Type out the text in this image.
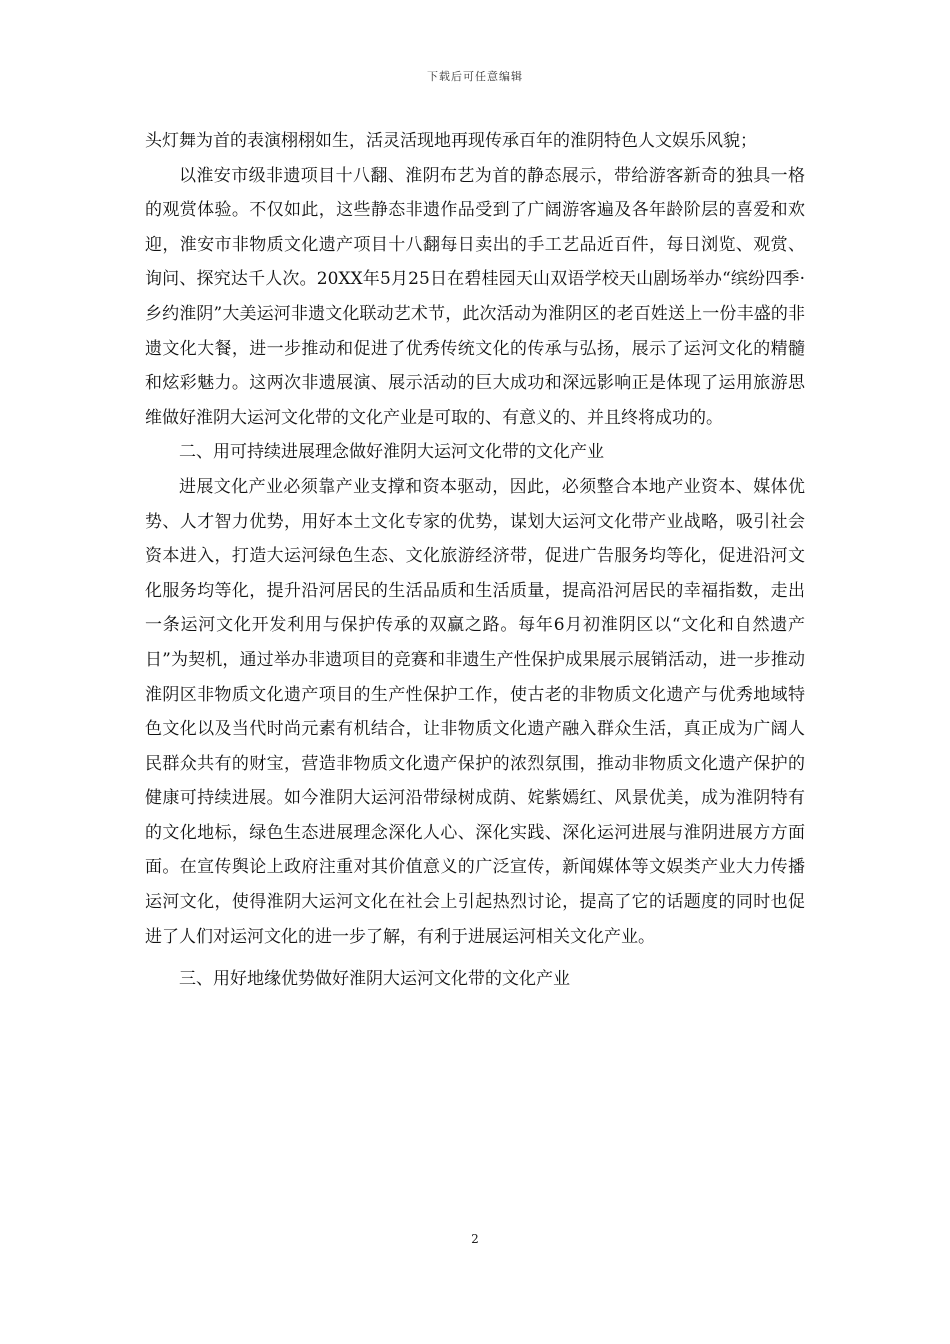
下载后可任意编辑

头灯舞为首的表演栩栩如生，活灵活现地再现传承百年的淮阴特色人文娱乐风貌；

以淮安市级非遗项目十八翻、淮阴布艺为首的静态展示，带给游客新奇的独具一格的观赏体验。不仅如此，这些静态非遗作品受到了广阔游客遍及各年龄阶层的喜爱和欢迎，淮安市非物质文化遗产项目十八翻每日卖出的手工艺品近百件，每日浏览、观赏、询问、探究达千人次。20XX年5月25日在碧桂园天山双语学校天山剧场举办“缤纷四季·乡约淮阴”大美运河非遗文化联动艺术节，此次活动为淮阴区的老百姓送上一份丰盛的非遗文化大餐，进一步推动和促进了优秀传统文化的传承与弘扬，展示了运河文化的精髓和炫彩魅力。这两次非遗展演、展示活动的巨大成功和深远影响正是体现了运用旅游思维做好淮阴大运河文化带的文化产业是可取的、有意义的、并且终将成功的。

二、用可持续进展理念做好淮阴大运河文化带的文化产业

进展文化产业必须靠产业支撑和资本驱动，因此，必须整合本地产业资本、媒体优势、人才智力优势，用好本土文化专家的优势，谋划大运河文化带产业战略，吸引社会资本进入，打造大运河绿色生态、文化旅游经济带，促进广告服务均等化，促进沿河文化服务均等化，提升沿河居民的生活品质和生活质量，提高沿河居民的幸福指数，走出一条运河文化开发利用与保护传承的双赢之路。每年6月初淮阴区以“文化和自然遗产日”为契机，通过举办非遗项目的竞赛和非遗生产性保护成果展示展销活动，进一步推动淮阴区非物质文化遗产项目的生产性保护工作，使古老的非物质文化遗产与优秀地域特色文化以及当代时尚元素有机结合，让非物质文化遗产融入群众生活，真正成为广阔人民群众共有的财宝，营造非物质文化遗产保护的浓烈氛围，推动非物质文化遗产保护的健康可持续进展。如今淮阴大运河沿带绿树成荫、姹紫嫣红、风景优美，成为淮阴特有的文化地标，绿色生态进展理念深化人心、深化实践、深化运河进展与淮阴进展方方面面。在宣传舆论上政府注重对其价值意义的广泛宣传，新闻媒体等文娱类产业大力传播运河文化，使得淮阴大运河文化在社会上引起热烈讨论，提高了它的话题度的同时也促进了人们对运河文化的进一步了解，有利于进展运河相关文化产业。

三、用好地缘优势做好淮阴大运河文化带的文化产业

2
